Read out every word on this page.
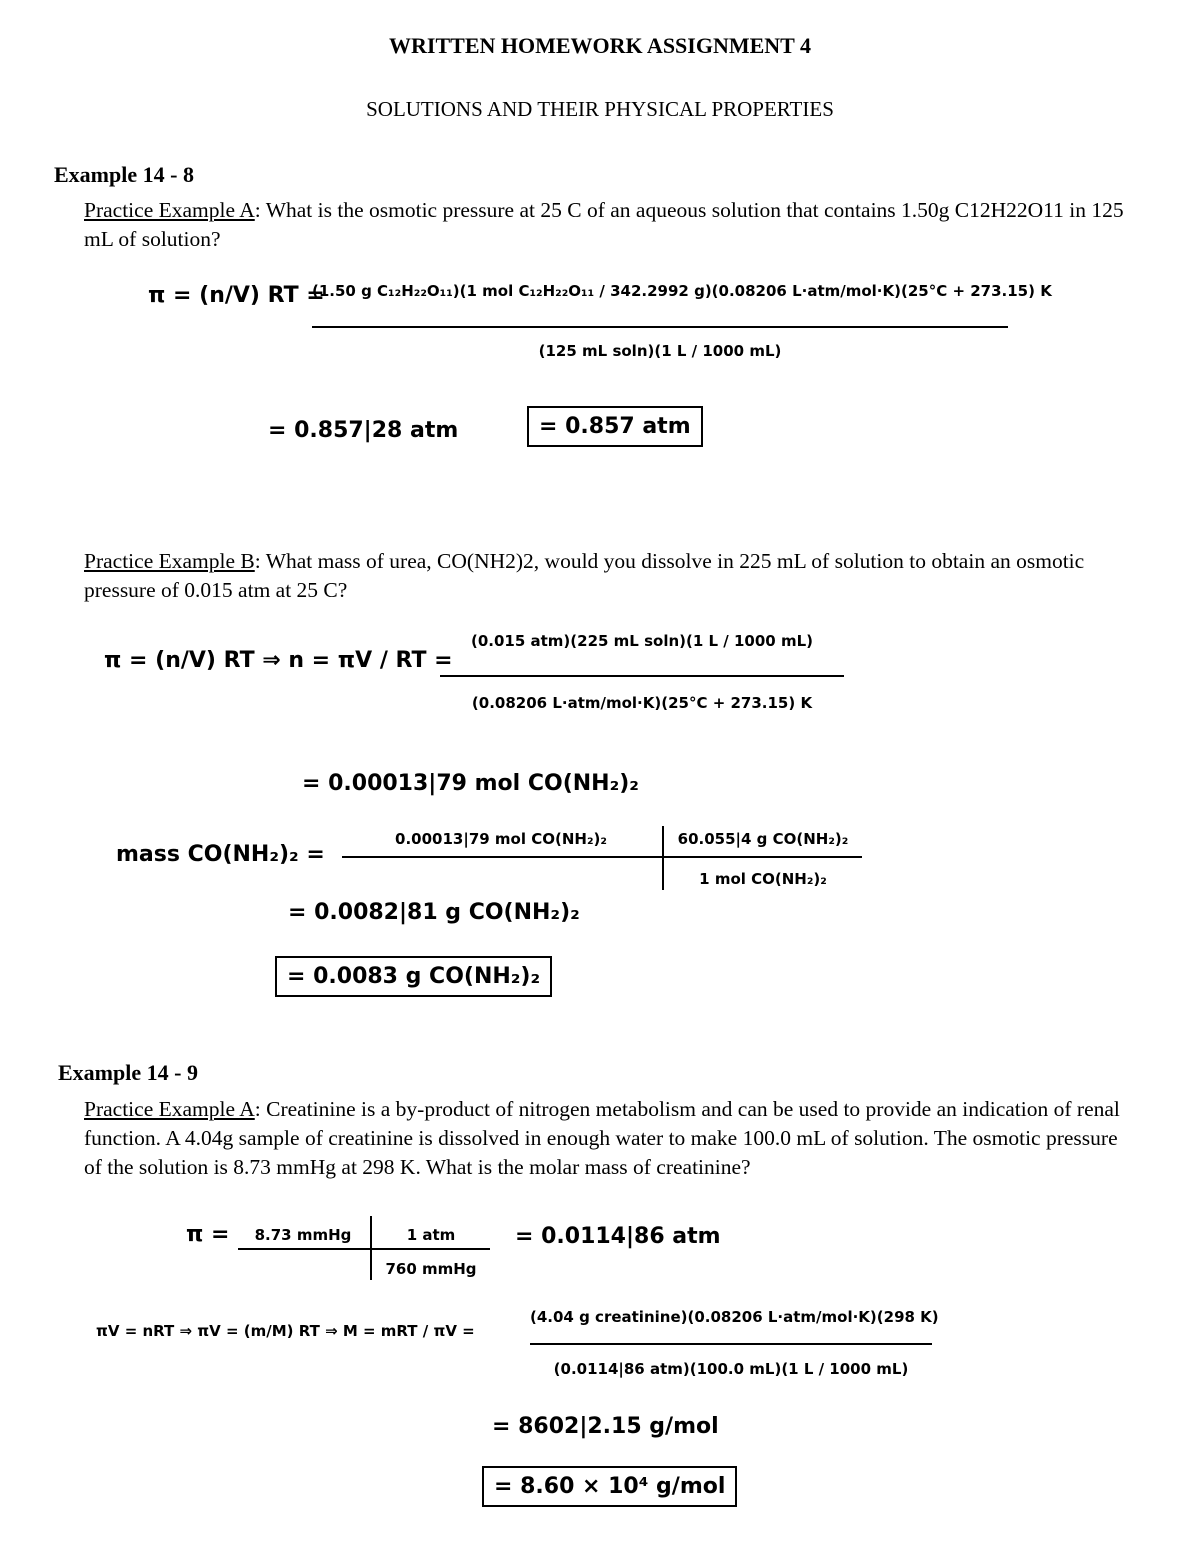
WRITTEN HOMEWORK ASSIGNMENT 4
SOLUTIONS AND THEIR PHYSICAL PROPERTIES
Example 14 - 8
Practice Example A: What is the osmotic pressure at 25 C of an aqueous solution that contains 1.50g C12H22O11 in 125 mL of solution?
π = (n/V) RT =
(1.50 g C₁₂H₂₂O₁₁)(1 mol C₁₂H₂₂O₁₁ / 342.2992 g)(0.08206 L·atm/mol·K)(25°C + 273.15) K
(125 mL soln)(1 L / 1000 mL)
= 0.857|28 atm	= 0.857 atm
Practice Example B: What mass of urea, CO(NH2)2, would you dissolve in 225 mL of solution to obtain an osmotic pressure of 0.015 atm at 25 C?
π = (n/V) RT ⇒ n = πV / RT =
(0.015 atm)(225 mL soln)(1 L / 1000 mL)
(0.08206 L·atm/mol·K)(25°C + 273.15) K
= 0.00013|79 mol CO(NH₂)₂
mass CO(NH₂)₂ =
0.00013|79 mol CO(NH₂)₂	60.055|4 g CO(NH₂)₂
1 mol CO(NH₂)₂
= 0.0082|81 g CO(NH₂)₂
= 0.0083 g CO(NH₂)₂
Example 14 - 9
Practice Example A: Creatinine is a by-product of nitrogen metabolism and can be used to provide an indication of renal function. A 4.04g sample of creatinine is dissolved in enough water to make 100.0 mL of solution. The osmotic pressure of the solution is 8.73 mmHg at 298 K. What is the molar mass of creatinine?
π =	8.73 mmHg	1 atm
760 mmHg
= 0.0114|86 atm
πV = nRT ⇒ πV = (m/M) RT ⇒ M = mRT / πV =
(4.04 g creatinine)(0.08206 L·atm/mol·K)(298 K)
(0.0114|86 atm)(100.0 mL)(1 L / 1000 mL)
= 8602|2.15 g/mol
= 8.60 × 10⁴ g/mol
